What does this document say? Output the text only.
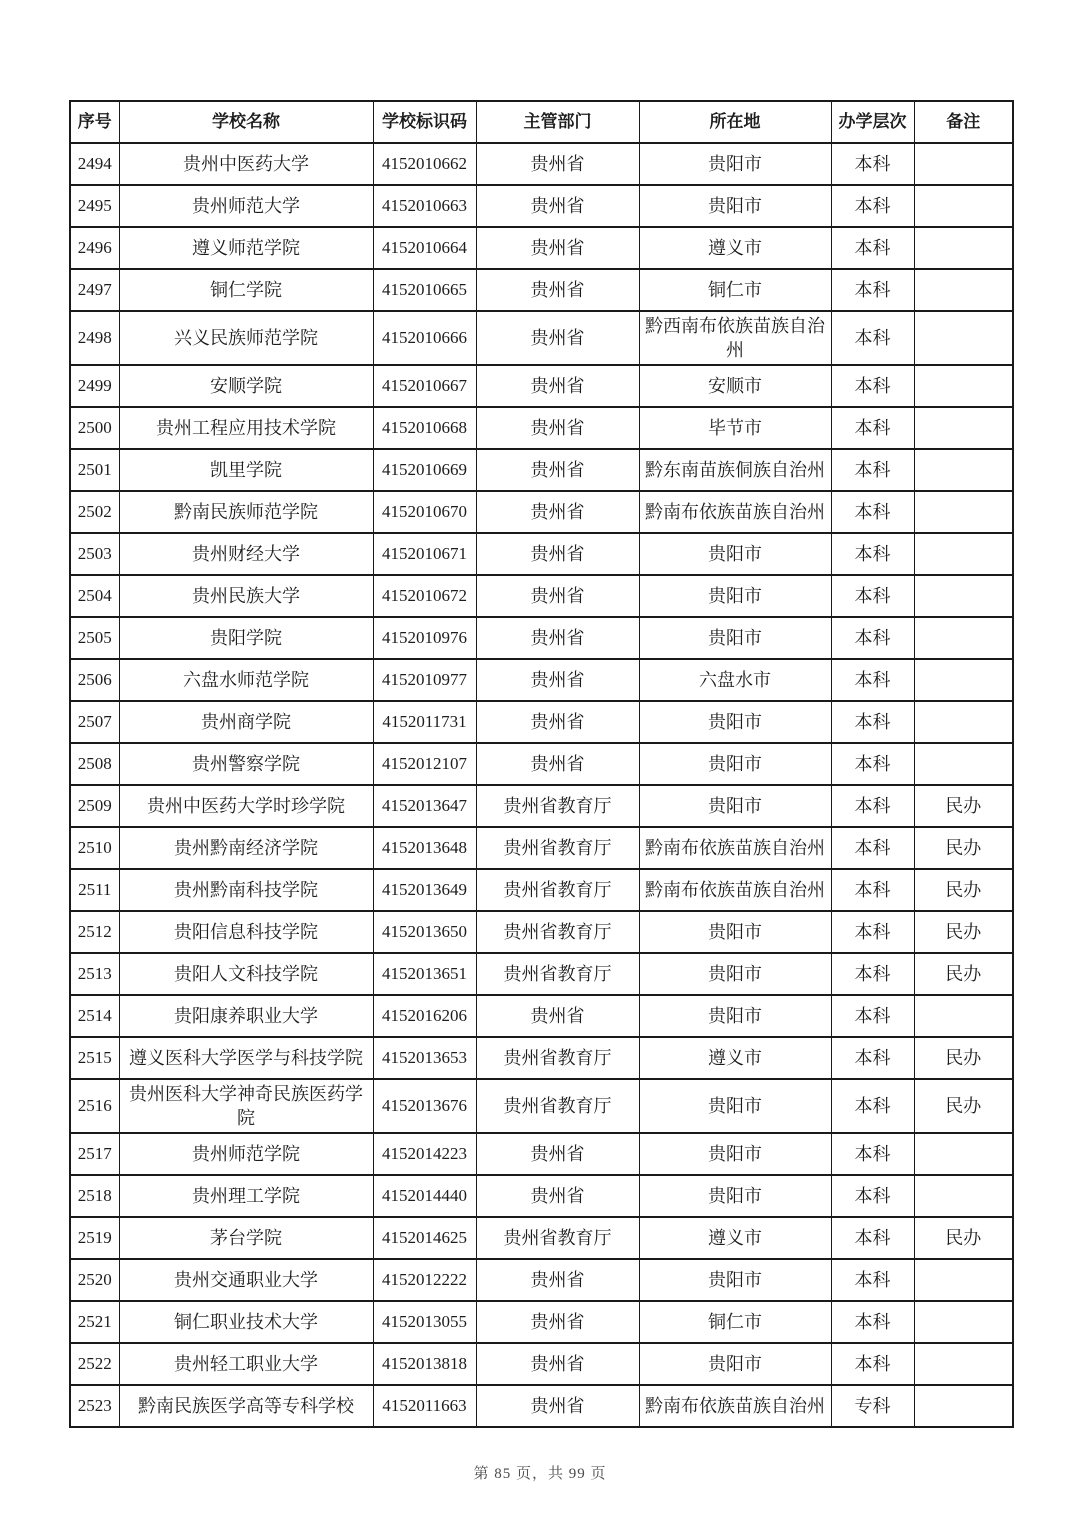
序号	学校名称	学校标识码	主管部门	所在地	办学层次	备注
2494	贵州中医药大学	4152010662	贵州省	贵阳市	本科	
2495	贵州师范大学	4152010663	贵州省	贵阳市	本科	
2496	遵义师范学院	4152010664	贵州省	遵义市	本科	
2497	铜仁学院	4152010665	贵州省	铜仁市	本科	
2498	兴义民族师范学院	4152010666	贵州省	黔西南布依族苗族自治州	本科	
2499	安顺学院	4152010667	贵州省	安顺市	本科	
2500	贵州工程应用技术学院	4152010668	贵州省	毕节市	本科	
2501	凯里学院	4152010669	贵州省	黔东南苗族侗族自治州	本科	
2502	黔南民族师范学院	4152010670	贵州省	黔南布依族苗族自治州	本科	
2503	贵州财经大学	4152010671	贵州省	贵阳市	本科	
2504	贵州民族大学	4152010672	贵州省	贵阳市	本科	
2505	贵阳学院	4152010976	贵州省	贵阳市	本科	
2506	六盘水师范学院	4152010977	贵州省	六盘水市	本科	
2507	贵州商学院	4152011731	贵州省	贵阳市	本科	
2508	贵州警察学院	4152012107	贵州省	贵阳市	本科	
2509	贵州中医药大学时珍学院	4152013647	贵州省教育厅	贵阳市	本科	民办
2510	贵州黔南经济学院	4152013648	贵州省教育厅	黔南布依族苗族自治州	本科	民办
2511	贵州黔南科技学院	4152013649	贵州省教育厅	黔南布依族苗族自治州	本科	民办
2512	贵阳信息科技学院	4152013650	贵州省教育厅	贵阳市	本科	民办
2513	贵阳人文科技学院	4152013651	贵州省教育厅	贵阳市	本科	民办
2514	贵阳康养职业大学	4152016206	贵州省	贵阳市	本科	
2515	遵义医科大学医学与科技学院	4152013653	贵州省教育厅	遵义市	本科	民办
2516	贵州医科大学神奇民族医药学院	4152013676	贵州省教育厅	贵阳市	本科	民办
2517	贵州师范学院	4152014223	贵州省	贵阳市	本科	
2518	贵州理工学院	4152014440	贵州省	贵阳市	本科	
2519	茅台学院	4152014625	贵州省教育厅	遵义市	本科	民办
2520	贵州交通职业大学	4152012222	贵州省	贵阳市	本科	
2521	铜仁职业技术大学	4152013055	贵州省	铜仁市	本科	
2522	贵州轻工职业大学	4152013818	贵州省	贵阳市	本科	
2523	黔南民族医学高等专科学校	4152011663	贵州省	黔南布依族苗族自治州	专科	
第 85 页，共 99 页
